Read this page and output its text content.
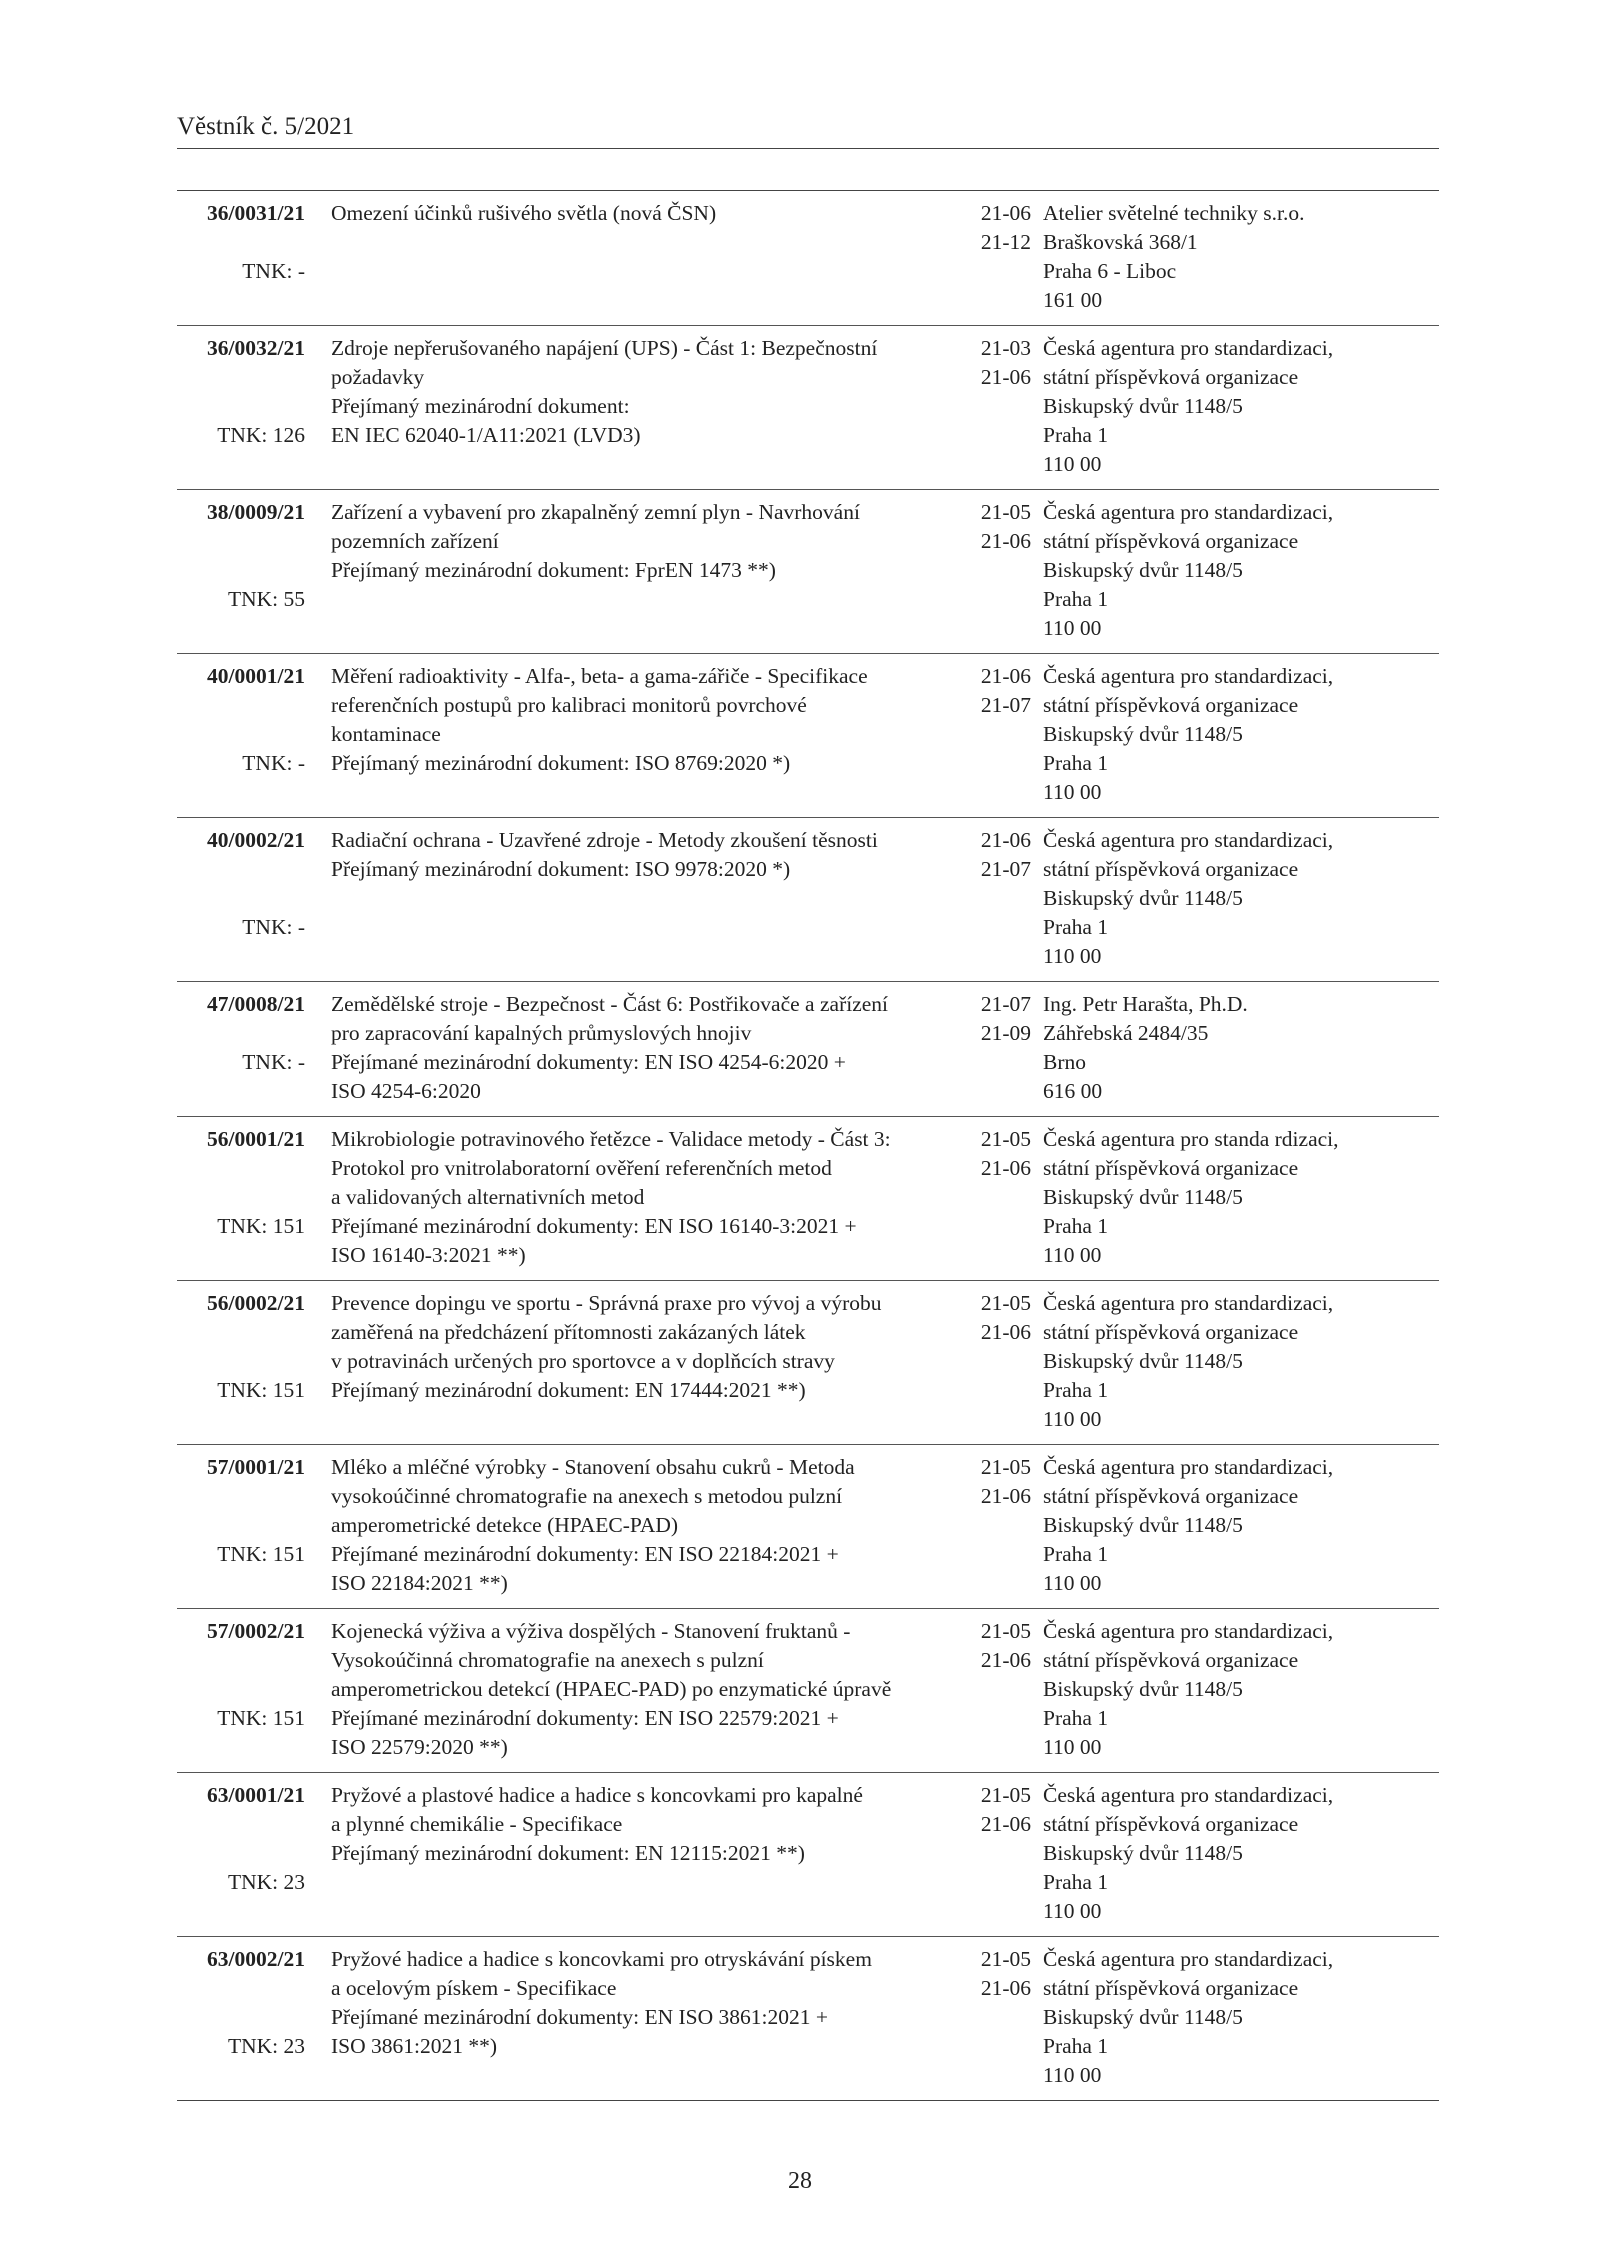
Věstník č. 5/2021
36/0031/21
TNK: -
Omezení účinků rušivého světla (nová ČSN)	21-06
21-12
Atelier světelné techniky s.r.o.
Braškovská 368/1
Praha 6 - Liboc
161 00
36/0032/21
TNK: 126
Zdroje nepřerušovaného napájení (UPS) - Část 1: Bezpečnostní
požadavky
Přejímaný mezinárodní dokument:
EN IEC 62040-1/A11:2021 (LVD3)
21-03
21-06
Česká agentura pro standardizaci,
státní příspěvková organizace
Biskupský dvůr 1148/5
Praha 1
110 00
38/0009/21
TNK: 55
Zařízení a vybavení pro zkapalněný zemní plyn - Navrhování
pozemních zařízení
Přejímaný mezinárodní dokument: FprEN 1473 **)
21-05
21-06
Česká agentura pro standardizaci,
státní příspěvková organizace
Biskupský dvůr 1148/5
Praha 1
110 00
40/0001/21
TNK: -
Měření radioaktivity - Alfa-, beta- a gama-zářiče - Specifikace
referenčních postupů pro kalibraci monitorů povrchové
kontaminace
Přejímaný mezinárodní dokument: ISO 8769:2020 *)
21-06
21-07
Česká agentura pro standardizaci,
státní příspěvková organizace
Biskupský dvůr 1148/5
Praha 1
110 00
40/0002/21
TNK: -
Radiační ochrana - Uzavřené zdroje - Metody zkoušení těsnosti
Přejímaný mezinárodní dokument: ISO 9978:2020 *)
21-06
21-07
Česká agentura pro standardizaci,
státní příspěvková organizace
Biskupský dvůr 1148/5
Praha 1
110 00
47/0008/21
TNK: -
Zemědělské stroje - Bezpečnost - Část 6: Postřikovače a zařízení
pro zapracování kapalných průmyslových hnojiv
Přejímané mezinárodní dokumenty: EN ISO 4254-6:2020 +
ISO 4254-6:2020
21-07
21-09
Ing. Petr Harašta, Ph.D.
Záhřebská 2484/35
Brno
616 00
56/0001/21
TNK: 151
Mikrobiologie potravinového řetězce - Validace metody - Část 3:
Protokol pro vnitrolaboratorní ověření referenčních metod
a validovaných alternativních metod
Přejímané mezinárodní dokumenty: EN ISO 16140-3:2021 +
ISO 16140-3:2021 **)
21-05
21-06
Česká agentura pro standa rdizaci,
státní příspěvková organizace
Biskupský dvůr 1148/5
Praha 1
110 00
56/0002/21
TNK: 151
Prevence dopingu ve sportu - Správná praxe pro vývoj a výrobu
zaměřená na předcházení přítomnosti zakázaných látek
v potravinách určených pro sportovce a v doplňcích stravy
Přejímaný mezinárodní dokument: EN 17444:2021 **)
21-05
21-06
Česká agentura pro standardizaci,
státní příspěvková organizace
Biskupský dvůr 1148/5
Praha 1
110 00
57/0001/21
TNK: 151
Mléko a mléčné výrobky - Stanovení obsahu cukrů - Metoda
vysokoúčinné chromatografie na anexech s metodou pulzní
amperometrické detekce (HPAEC-PAD)
Přejímané mezinárodní dokumenty: EN ISO 22184:2021 +
ISO 22184:2021 **)
21-05
21-06
Česká agentura pro standardizaci,
státní příspěvková organizace
Biskupský dvůr 1148/5
Praha 1
110 00
57/0002/21
TNK: 151
Kojenecká výživa a výživa dospělých - Stanovení fruktanů -
Vysokoúčinná chromatografie na anexech s pulzní
amperometrickou detekcí (HPAEC-PAD) po enzymatické úpravě
Přejímané mezinárodní dokumenty: EN ISO 22579:2021 +
ISO 22579:2020 **)
21-05
21-06
Česká agentura pro standardizaci,
státní příspěvková organizace
Biskupský dvůr 1148/5
Praha 1
110 00
63/0001/21
TNK: 23
Pryžové a plastové hadice a hadice s koncovkami pro kapalné
a plynné chemikálie - Specifikace
Přejímaný mezinárodní dokument: EN 12115:2021 **)
21-05
21-06
Česká agentura pro standardizaci,
státní příspěvková organizace
Biskupský dvůr 1148/5
Praha 1
110 00
63/0002/21
TNK: 23
Pryžové hadice a hadice s koncovkami pro otryskávání pískem
a ocelovým pískem - Specifikace
Přejímané mezinárodní dokumenty: EN ISO 3861:2021 +
ISO 3861:2021 **)
21-05
21-06
Česká agentura pro standardizaci,
státní příspěvková organizace
Biskupský dvůr 1148/5
Praha 1
110 00
28
